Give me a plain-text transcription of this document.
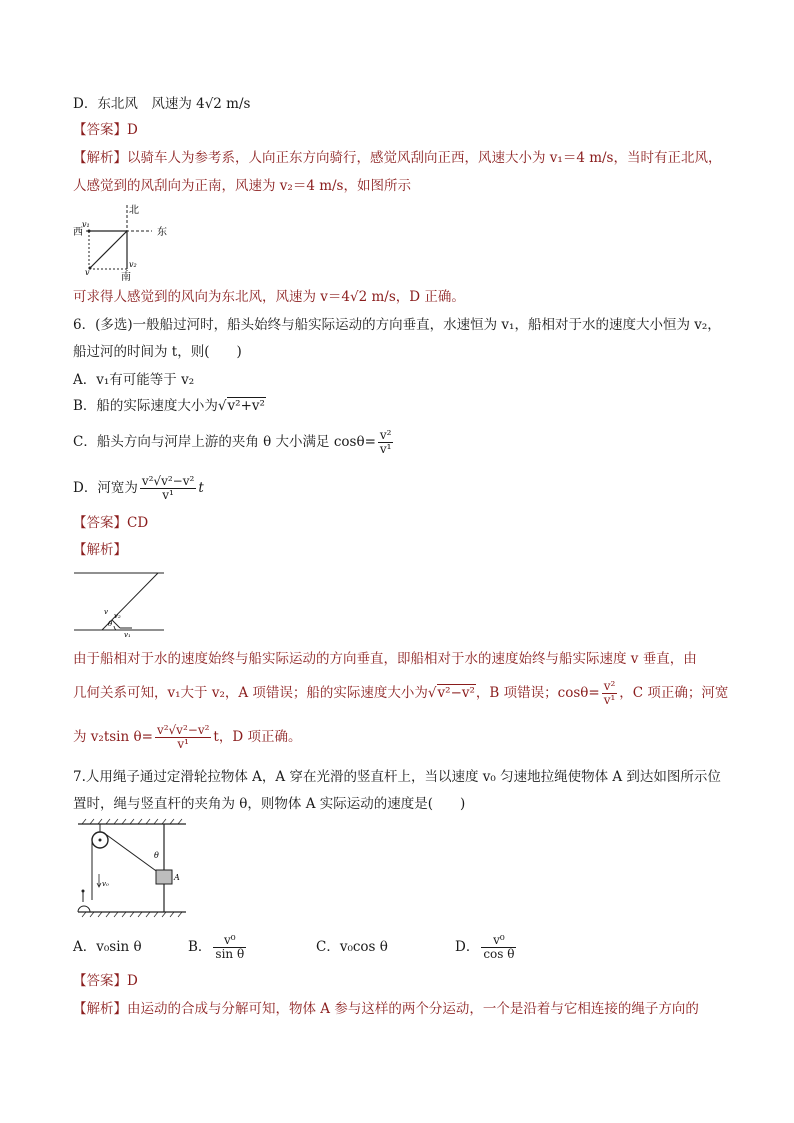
D．东北风　风速为 4√2 m/s
【答案】D
【解析】以骑车人为参考系，人向正东方向骑行，感觉风刮向正西，风速大小为 v₁＝4 m/s，当时有正北风，
人感觉到的风刮向为正南，风速为 v₂＝4 m/s，如图所示
北
西	东
南
v₁
v₂
v
可求得人感觉到的风向为东北风，风速为 v＝4√2 m/s，D 正确。
6．(多选)一般船过河时，船头始终与船实际运动的方向垂直，水速恒为 v₁，船相对于水的速度大小恒为 v₂，
船过河的时间为 t，则(　　)
A．v₁有可能等于 v₂
B．船的实际速度大小为√v²+v²
C．船头方向与河岸上游的夹角 θ 大小满足 $\cos\theta= \frac{\text{v²}}{\text{v¹}}$
D．河宽为 $\frac{\text{v²√v²−v²}}{\text{v¹}}$ t
【答案】CD
【解析】
v v₂
θ
v₁
由于船相对于水的速度始终与船实际运动的方向垂直，即船相对于水的速度始终与船实际速度 v 垂直，由
几何关系可知，v₁大于 v₂，A 项错误；船的实际速度大小为√v²−v²，B 项错误；$\cos\theta= \frac{\text{v²}}{\text{v¹}}$ ，C 项正确；河宽
为 v₂tsin $\theta= \frac{\text{v²√v²−v²}}{\text{v¹}}$ t，D 项正确。
7.人用绳子通过定滑轮拉物体 A，A 穿在光滑的竖直杆上，当以速度 v₀ 匀速地拉绳使物体 A 到达如图所示位
置时，绳与竖直杆的夹角为 θ，则物体 A 实际运动的速度是(　　)
v₀
θ
A
A．v₀sin θ	B． $\frac{\text{v⁰}}{\text{sin θ}}$	C．v₀cos θ	D． $\frac{\text{v⁰}}{\text{cos θ}}$
【答案】D
【解析】由运动的合成与分解可知，物体 A 参与这样的两个分运动，一个是沿着与它相连接的绳子方向的
